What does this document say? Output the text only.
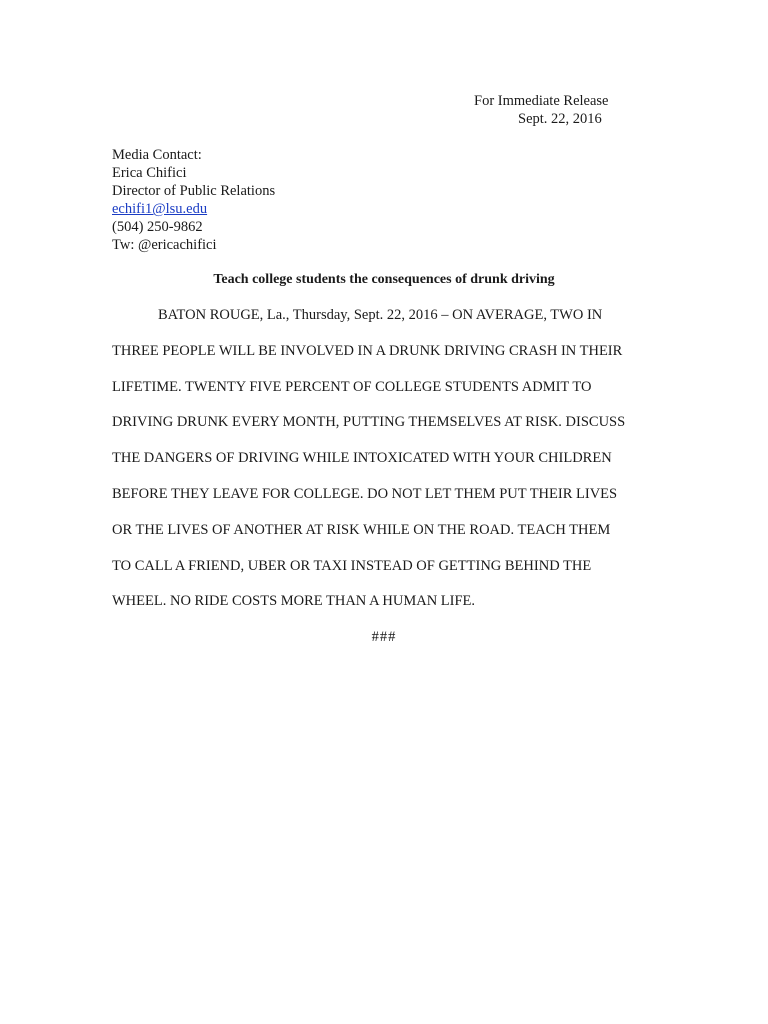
For Immediate Release
Sept. 22, 2016
Media Contact:
Erica Chifici
Director of Public Relations
echifi1@lsu.edu
(504) 250-9862
Tw: @ericachifici
Teach college students the consequences of drunk driving
BATON ROUGE, La., Thursday, Sept. 22, 2016 – ON AVERAGE, TWO IN
THREE PEOPLE WILL BE INVOLVED IN A DRUNK DRIVING CRASH IN THEIR
LIFETIME. TWENTY FIVE PERCENT OF COLLEGE STUDENTS ADMIT TO
DRIVING DRUNK EVERY MONTH, PUTTING THEMSELVES AT RISK. DISCUSS
THE DANGERS OF DRIVING WHILE INTOXICATED WITH YOUR CHILDREN
BEFORE THEY LEAVE FOR COLLEGE. DO NOT LET THEM PUT THEIR LIVES
OR THE LIVES OF ANOTHER AT RISK WHILE ON THE ROAD. TEACH THEM
TO CALL A FRIEND, UBER OR TAXI INSTEAD OF GETTING BEHIND THE
WHEEL. NO RIDE COSTS MORE THAN A HUMAN LIFE.
###
